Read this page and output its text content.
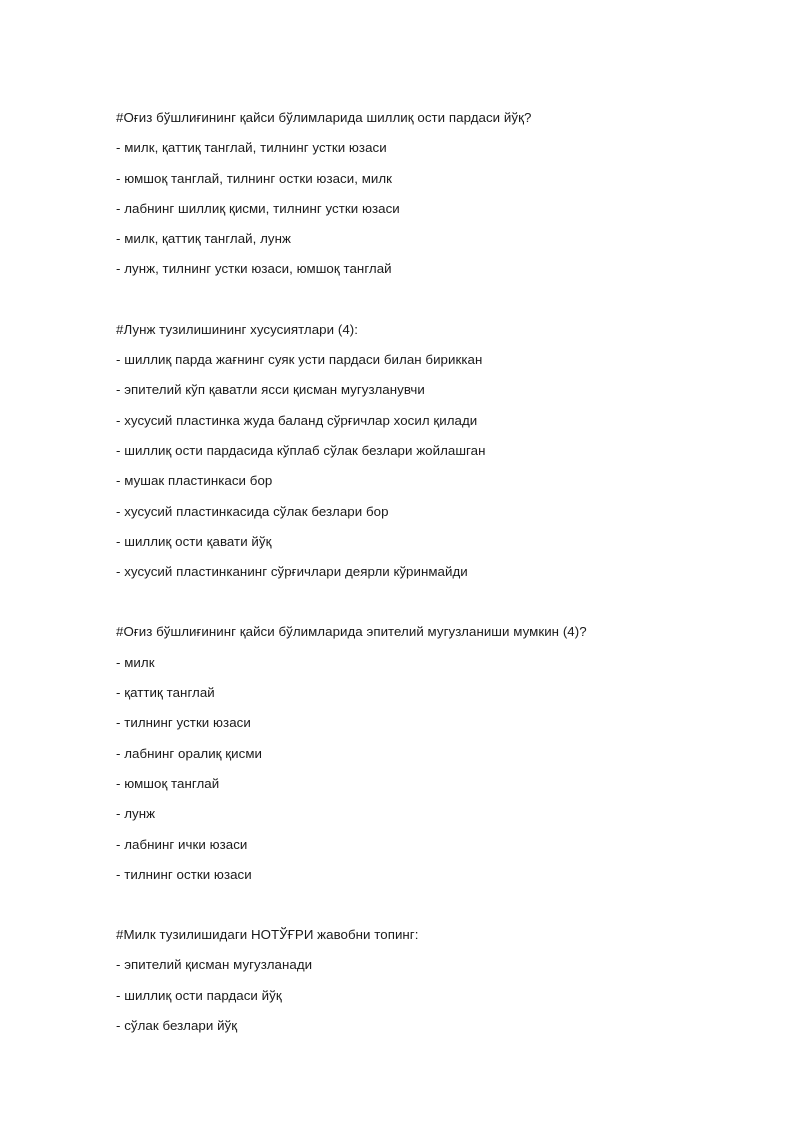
#Оғиз бўшлиғининг қайси бўлимларида шиллиқ ости пардаси йўқ?
- милк, қаттиқ танглай, тилнинг устки юзаси
- юмшоқ танглай, тилнинг остки юзаси, милк
- лабнинг шиллиқ қисми, тилнинг устки юзаси
- милк, қаттиқ танглай, лунж
- лунж, тилнинг устки юзаси, юмшоқ танглай
#Лунж тузилишининг хусусиятлари (4):
- шиллиқ парда жағнинг суяк усти пардаси билан бириккан
- эпителий кўп қаватли ясси қисман мугузланувчи
- хусусий пластинка жуда баланд сўрғичлар хосил қилади
- шиллиқ ости пардасида кўплаб сўлак безлари жойлашган
- мушак пластинкаси бор
- хусусий пластинкасида сўлак безлари бор
- шиллиқ ости қавати йўқ
- хусусий пластинканинг сўрғичлари деярли кўринмайди
#Оғиз бўшлиғининг қайси бўлимларида эпителий мугузланиши мумкин (4)?
- милк
- қаттиқ танглай
- тилнинг устки юзаси
- лабнинг оралиқ қисми
- юмшоқ танглай
- лунж
- лабнинг ички юзаси
- тилнинг остки юзаси
#Милк тузилишидаги НОТЎҒРИ жавобни топинг:
- эпителий қисман мугузланади
- шиллиқ ости пардаси йўқ
- сўлак безлари йўқ
